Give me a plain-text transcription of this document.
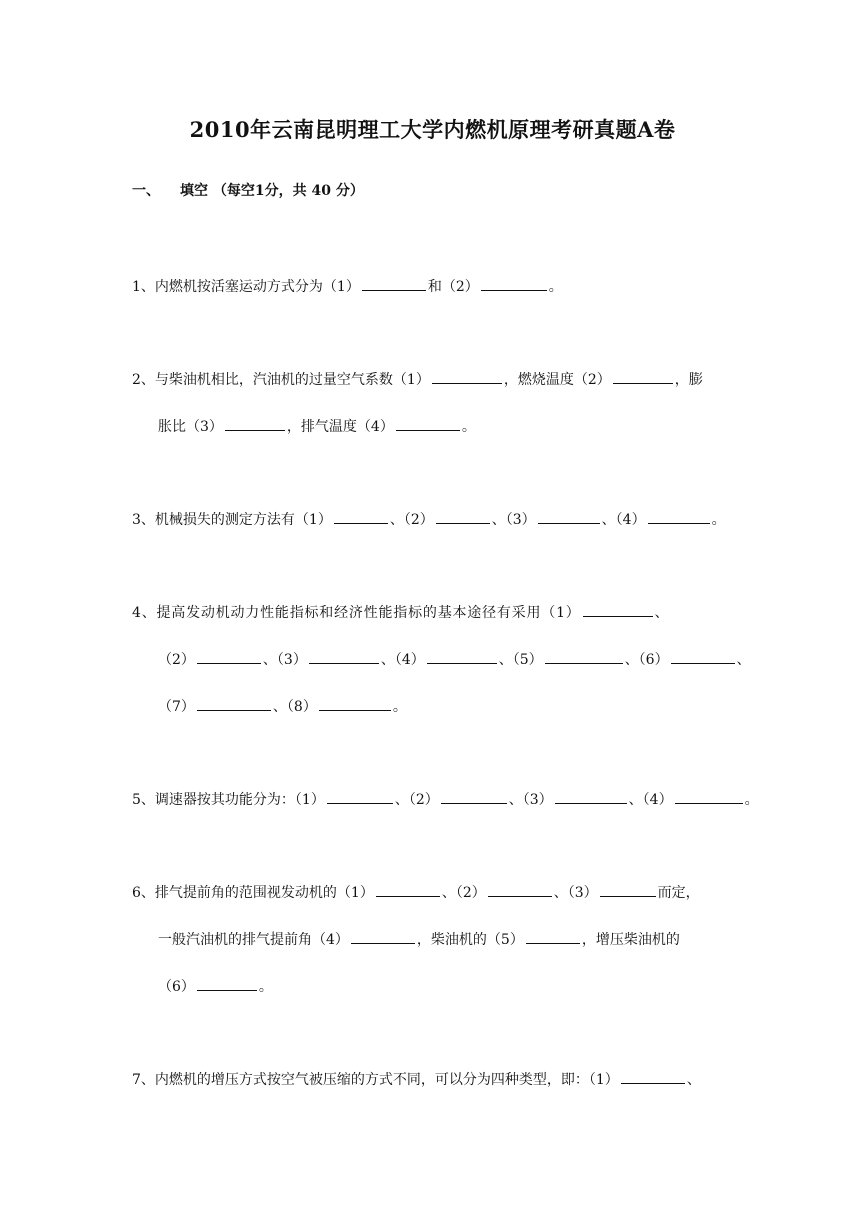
2010年云南昆明理工大学内燃机原理考研真题A卷
一、 填空 （每空1分，共 40 分）
1、内燃机按活塞运动方式分为（1）	和（2）	。
2、与柴油机相比，汽油机的过量空气系数（1）	，燃烧温度（2）	，膨
胀比（3）	，排气温度（4）	。
3、机械损失的测定方法有（1）	、（2）	、（3）	、（4）	。
4、提高发动机动力性能指标和经济性能指标的基本途径有采用（1）	、
（2）	、（3）	、（4）	、（5）	、（6）	、
（7）	、（8）	。
5、调速器按其功能分为：（1）	、（2）	、（3）	、（4）	。
6、排气提前角的范围视发动机的（1）	、（2）	、（3）	而定，
一般汽油机的排气提前角（4）	，柴油机的（5）	，增压柴油机的
（6）	。
7、内燃机的增压方式按空气被压缩的方式不同，可以分为四种类型，即：（1）	、
